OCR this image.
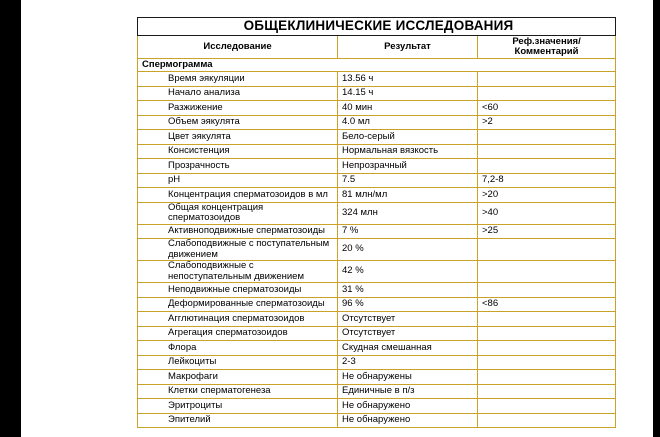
ОБЩЕКЛИНИЧЕСКИЕ ИССЛЕДОВАНИЯ		
Исследование	Результат	Реф.значения/ Комментарий
Спермограмма		
Время эякуляции	13.56 ч	
Начало анализа	14.15 ч	
Разжижение	40 мин	<60
Объем эякулята	4.0 мл	>2
Цвет эякулята	Бело-серый	
Консистенция	Нормальная вязкость	
Прозрачность	Непрозрачный	
pH	7.5	7,2-8
Концентрация сперматозоидов в мл	81 млн/мл	>20
Общая концентрация сперматозоидов	324 млн	>40
Активноподвижные сперматозоиды	7 %	>25
Слабоподвижные с поступательным движением	20 %	
Слабоподвижные с непоступательным движением	42 %	
Неподвижные сперматозоиды	31 %	
Деформированные сперматозоиды	96 %	<86
Агглютинация сперматозоидов	Отсутствует	
Агрегация сперматозоидов	Отсутствует	
Флора	Скудная смешанная	
Лейкоциты	2-3	
Макрофаги	Не обнаружены	
Клетки сперматогенеза	Единичные в п/з	
Эритроциты	Не обнаружено	
Эпителий	Не обнаружено	
